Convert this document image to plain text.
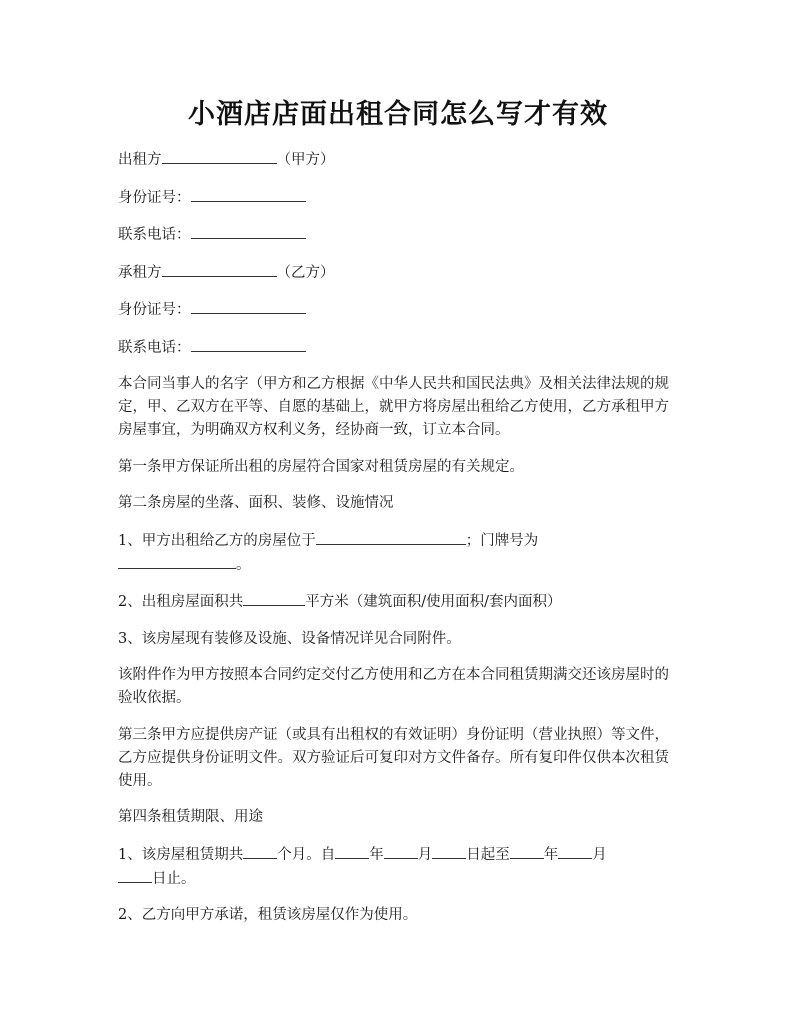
小酒店店面出租合同怎么写才有效

出租方	（甲方）

身份证号：

联系电话：

承租方	（乙方）

身份证号：

联系电话：

本合同当事人的名字（甲方和乙方根据《中华人民共和国民法典》及相关法律法规的规定，甲、乙双方在平等、自愿的基础上，就甲方将房屋出租给乙方使用，乙方承租甲方房屋事宜，为明确双方权利义务，经协商一致，订立本合同。

第一条甲方保证所出租的房屋符合国家对租赁房屋的有关规定。

第二条房屋的坐落、面积、装修、设施情况

1、甲方出租给乙方的房屋位于	；门牌号为
。

2、出租房屋面积共	平方米（建筑面积/使用面积/套内面积）

3、该房屋现有装修及设施、设备情况详见合同附件。

该附件作为甲方按照本合同约定交付乙方使用和乙方在本合同租赁期满交还该房屋时的验收依据。

第三条甲方应提供房产证（或具有出租权的有效证明）身份证明（营业执照）等文件，乙方应提供身份证明文件。双方验证后可复印对方文件备存。所有复印件仅供本次租赁使用。

第四条租赁期限、用途

1、该房屋租赁期共 个月。自 年 月 日起至 年 月
日止。

2、乙方向甲方承诺，租赁该房屋仅作为使用。
